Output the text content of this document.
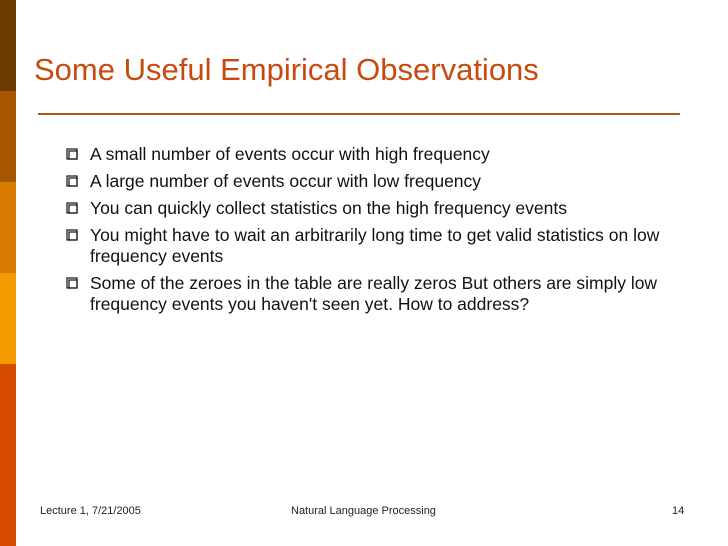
Some Useful Empirical Observations
A small number of events occur with high frequency
A large number of events occur with low frequency
You can quickly collect statistics on the high frequency events
You might have to wait an arbitrarily long time to get valid statistics on low frequency events
Some of the zeroes in the table are really zeros But others are simply low frequency events you haven't seen yet. How to address?
Lecture 1, 7/21/2005	Natural Language Processing	14
